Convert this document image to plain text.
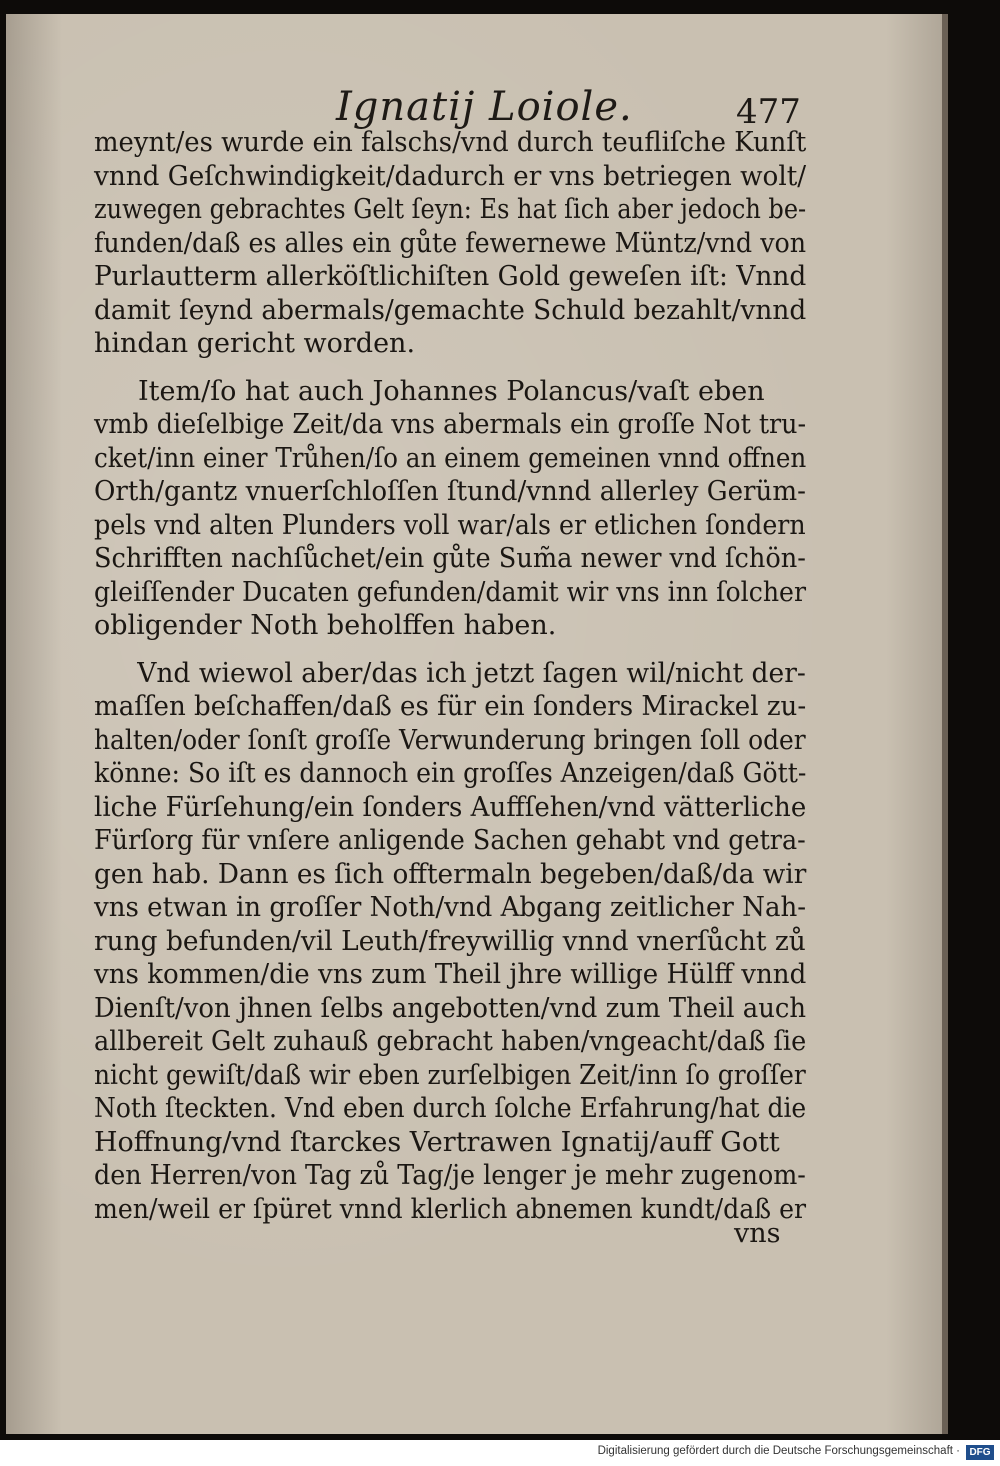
Ignatij Loiole.	477
meynt/es wurde ein falschs/vnd durch teufliſche Kunſt
vnnd Geſchwindigkeit/dadurch er vns betriegen wolt/
zuwegen gebrachtes Gelt ſeyn: Es hat ſich aber jedoch be-
funden/daß es alles ein gůte fewernewe Müntz/vnd von
Purlautterm allerköſtlichiſten Gold geweſen iſt: Vnnd
damit ſeynd abermals/gemachte Schuld bezahlt/vnnd
hindan gericht worden.
Item/ſo hat auch Johannes Polancus/vaſt eben
vmb dieſelbige Zeit/da vns abermals ein groſſe Not tru-
cket/inn einer Trůhen/ſo an einem gemeinen vnnd offnen
Orth/gantz vnuerſchloſſen ſtund/vnnd allerley Gerüm-
pels vnd alten Plunders voll war/als er etlichen ſondern
Schrifften nachſůchet/ein gůte Sum̃a newer vnd ſchön-
gleiſſender Ducaten gefunden/damit wir vns inn ſolcher
obligender Noth beholffen haben.
Vnd wiewol aber/das ich jetzt ſagen wil/nicht der-
maſſen beſchaffen/daß es für ein ſonders Mirackel zu-
halten/oder ſonſt groſſe Verwunderung bringen ſoll oder
könne: So iſt es dannoch ein groſſes Anzeigen/daß Gött-
liche Fürſehung/ein ſonders Auffſehen/vnd vätterliche
Fürſorg für vnſere anligende Sachen gehabt vnd getra-
gen hab. Dann es ſich offtermaln begeben/daß/da wir
vns etwan in groſſer Noth/vnd Abgang zeitlicher Nah-
rung befunden/vil Leuth/freywillig vnnd vnerſůcht zů
vns kommen/die vns zum Theil jhre willige Hülff vnnd
Dienſt/von jhnen ſelbs angebotten/vnd zum Theil auch
allbereit Gelt zuhauß gebracht haben/vngeacht/daß ſie
nicht gewiſt/daß wir eben zurſelbigen Zeit/inn ſo groſſer
Noth ſteckten. Vnd eben durch ſolche Erfahrung/hat die
Hoffnung/vnd ſtarckes Vertrawen Ignatij/auff Gott
den Herren/von Tag zů Tag/je lenger je mehr zugenom-
men/weil er ſpüret vnnd klerlich abnemen kundt/daß er
vns
Digitalisierung gefördert durch die Deutsche Forschungsgemeinschaft · DFG
